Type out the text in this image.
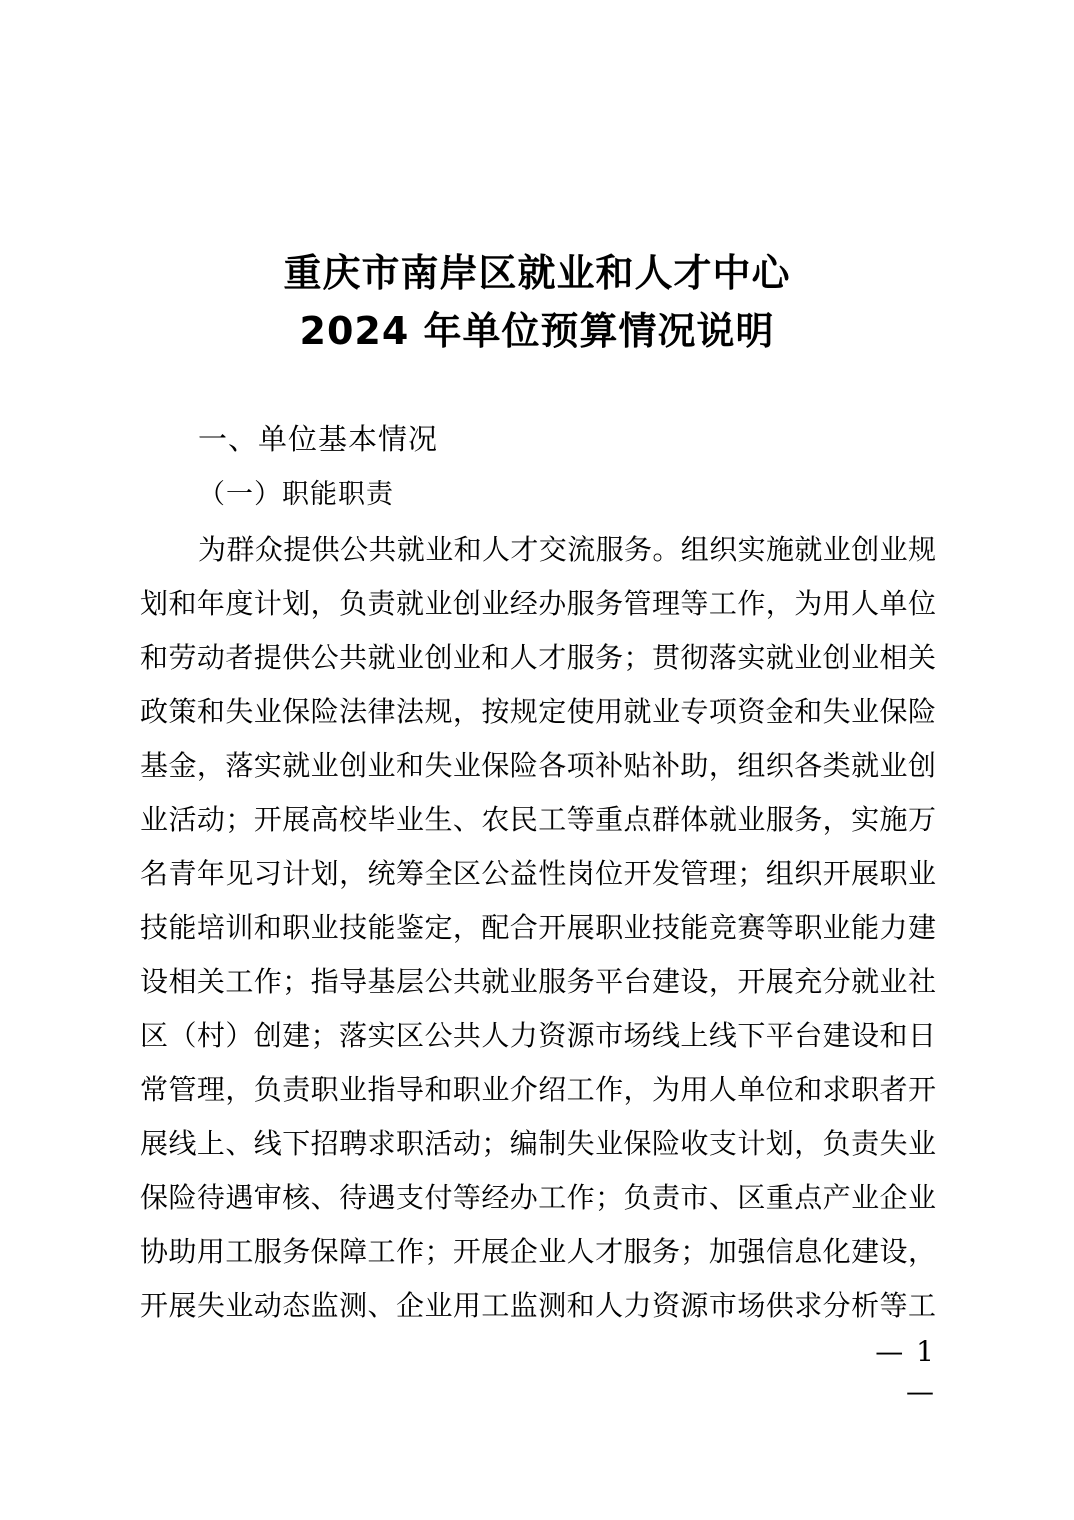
重庆市南岸区就业和人才中心
2024 年单位预算情况说明
一、单位基本情况
（一）职能职责
为群众提供公共就业和人才交流服务。组织实施就业创业规
划和年度计划，负责就业创业经办服务管理等工作，为用人单位
和劳动者提供公共就业创业和人才服务；贯彻落实就业创业相关
政策和失业保险法律法规，按规定使用就业专项资金和失业保险
基金，落实就业创业和失业保险各项补贴补助，组织各类就业创
业活动；开展高校毕业生、农民工等重点群体就业服务，实施万
名青年见习计划，统筹全区公益性岗位开发管理；组织开展职业
技能培训和职业技能鉴定，配合开展职业技能竞赛等职业能力建
设相关工作；指导基层公共就业服务平台建设，开展充分就业社
区（村）创建；落实区公共人力资源市场线上线下平台建设和日
常管理，负责职业指导和职业介绍工作，为用人单位和求职者开
展线上、线下招聘求职活动；编制失业保险收支计划，负责失业
保险待遇审核、待遇支付等经办工作；负责市、区重点产业企业
协助用工服务保障工作；开展企业人才服务；加强信息化建设，
开展失业动态监测、企业用工监测和人力资源市场供求分析等工
— 1 —
